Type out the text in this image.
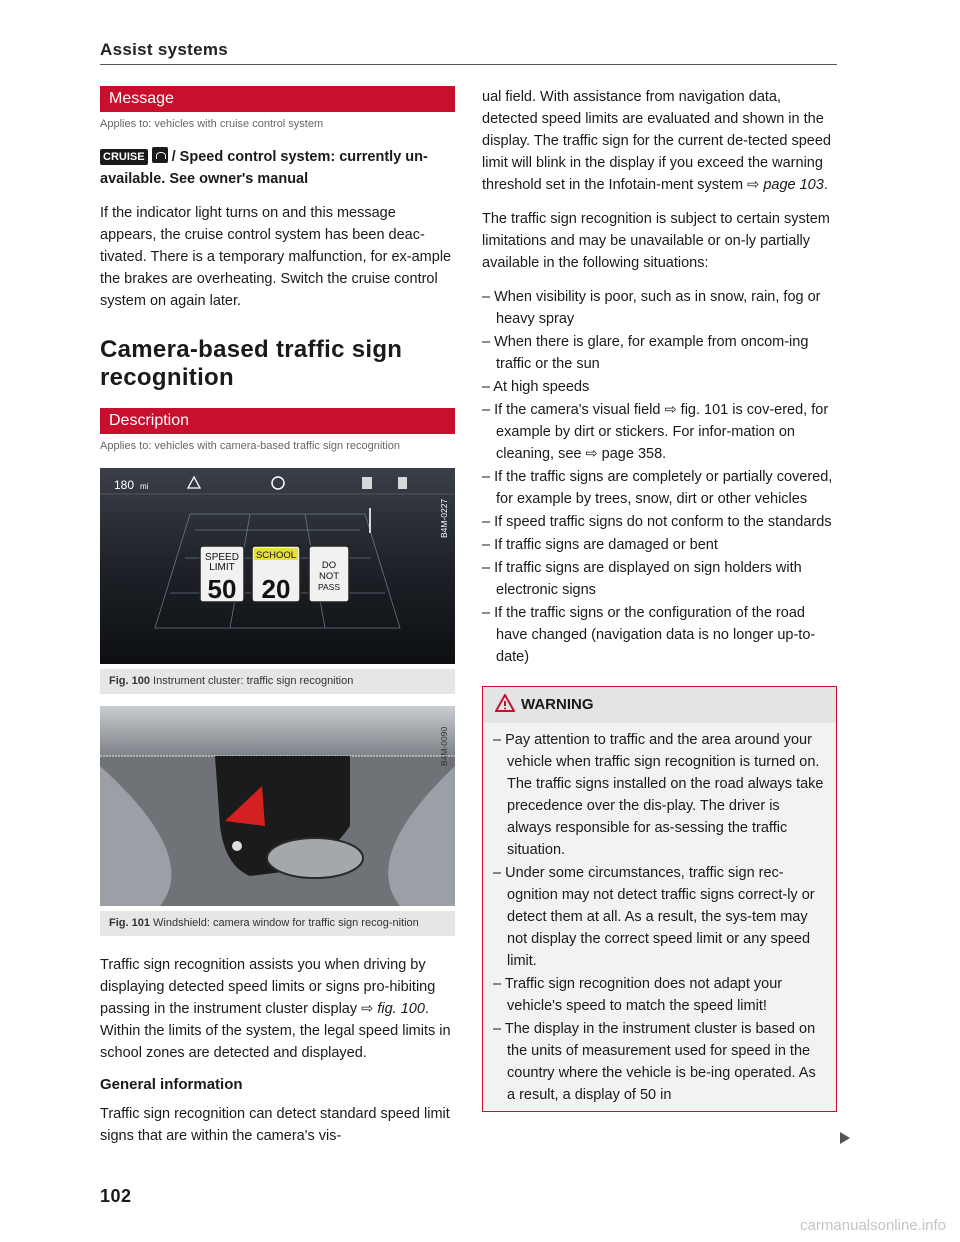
Assist systems
Message
Applies to: vehicles with cruise control system
CRUISE / Speed control system: currently un-available. See owner's manual

If the indicator light turns on and this message appears, the cruise control system has been deac-tivated. There is a temporary malfunction, for ex-ample the brakes are overheating. Switch the cruise control system on again later.

Camera-based traffic sign recognition
Description
Applies to: vehicles with camera-based traffic sign recognition
180 mi
B4M-0227
SPEED
LIMIT
50
SCHOOL
20
DO
NOT
PASS
Fig. 100 Instrument cluster: traffic sign recognition
B4M-0090
Fig. 101 Windshield: camera window for traffic sign recog-nition

Traffic sign recognition assists you when driving by displaying detected speed limits or signs pro-hibiting passing in the instrument cluster display ⇨ fig. 100. Within the limits of the system, the legal speed limits in school zones are detected and displayed.

General information

Traffic sign recognition can detect standard speed limit signs that are within the camera's vis-

ual field. With assistance from navigation data, detected speed limits are evaluated and shown in the display. The traffic sign for the current de-tected speed limit will blink in the display if you exceed the warning threshold set in the Infotain-ment system ⇨ page 103.

The traffic sign recognition is subject to certain system limitations and may be unavailable or on-ly partially available in the following situations:

– When visibility is poor, such as in snow, rain, fog or heavy spray
– When there is glare, for example from oncom-ing traffic or the sun
– At high speeds
– If the camera's visual field ⇨ fig. 101 is cov-ered, for example by dirt or stickers. For infor-mation on cleaning, see ⇨ page 358.
– If the traffic signs are completely or partially covered, for example by trees, snow, dirt or other vehicles
– If speed traffic signs do not conform to the standards
– If traffic signs are damaged or bent
– If traffic signs are displayed on sign holders with electronic signs
– If the traffic signs or the configuration of the road have changed (navigation data is no longer up-to-date)
WARNING
– Pay attention to traffic and the area around your vehicle when traffic sign recognition is turned on. The traffic signs installed on the road always take precedence over the dis-play. The driver is always responsible for as-sessing the traffic situation.
– Under some circumstances, traffic sign rec-ognition may not detect traffic signs correct-ly or detect them at all. As a result, the sys-tem may not display the correct speed limit or any speed limit.
– Traffic sign recognition does not adapt your vehicle's speed to match the speed limit!
– The display in the instrument cluster is based on the units of measurement used for speed in the country where the vehicle is be-ing operated. As a result, a display of 50 in
102
carmanualsonline.info
